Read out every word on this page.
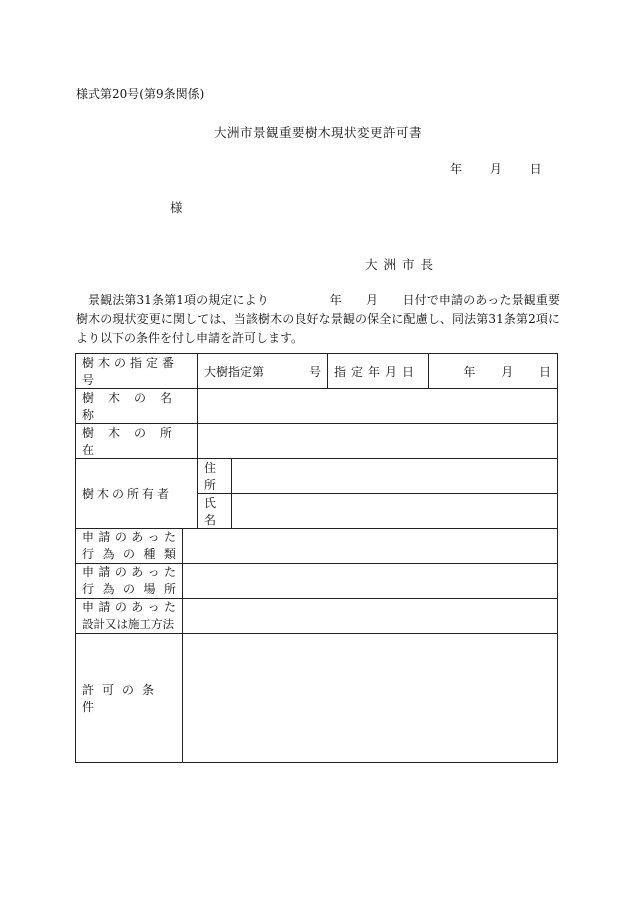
様式第20号(第9条関係)
大洲市景観重要樹木現状変更許可書
年 月 日
様
大洲市長
景観法第31条第1項の規定により　　　　　年　　月　　日付で申請のあった景観重要樹木の現状変更に関しては、当該樹木の良好な景観の保全に配慮し、同法第31条第2項により以下の条件を付し申請を許可します。
樹木の指定番号		大樹指定第 号		指定年月日	年 月 日
樹木の名称					
樹木の所在					
樹木の所有者		住所			
		氏名			

申請のあった
行為の種類					

申請のあった
行為の場所					

申請のあった
設計又は施工方法					

許可の条件					
